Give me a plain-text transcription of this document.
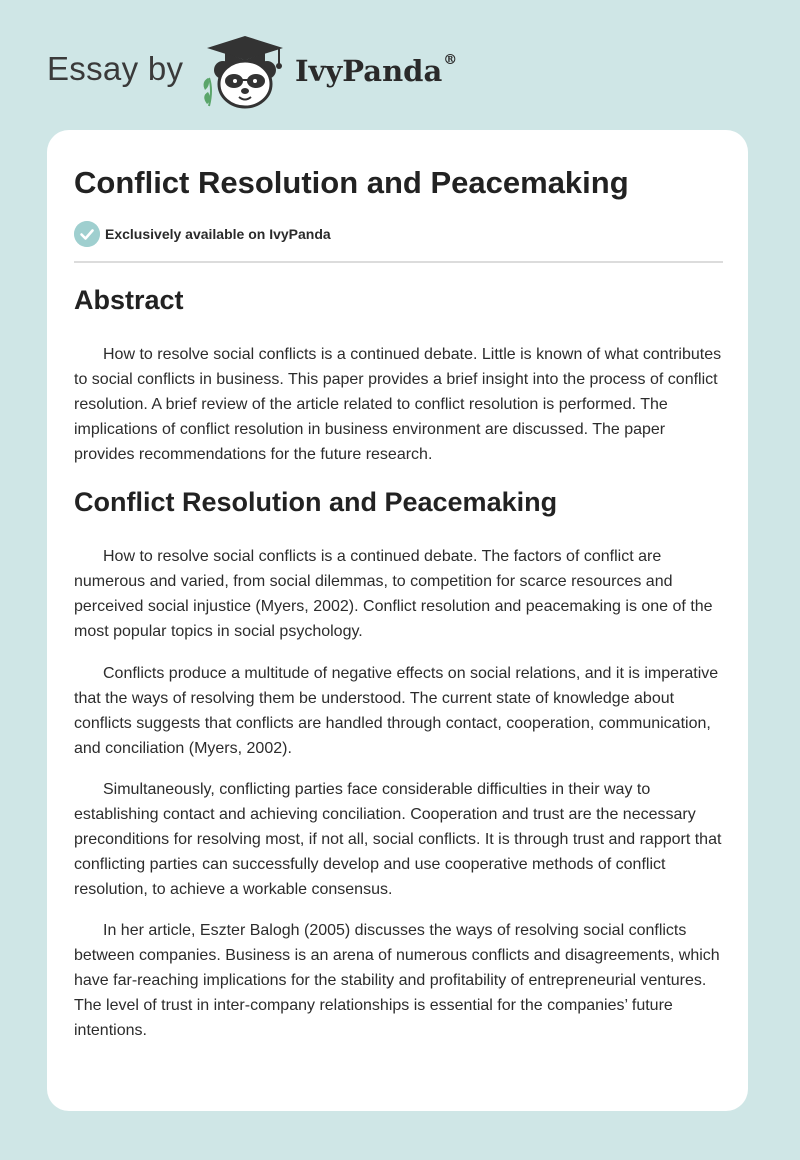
Essay by	IvyPanda®
Conflict Resolution and Peacemaking
Exclusively available on IvyPanda
Abstract

How to resolve social conflicts is a continued debate. Little is known of what contributes to social conflicts in business. This paper provides a brief insight into the process of conflict resolution. A brief review of the article related to conflict resolution is performed. The implications of conflict resolution in business environment are discussed. The paper provides recommendations for the future research.

Conflict Resolution and Peacemaking

How to resolve social conflicts is a continued debate. The factors of conflict are numerous and varied, from social dilemmas, to competition for scarce resources and perceived social injustice (Myers, 2002). Conflict resolution and peacemaking is one of the most popular topics in social psychology.

Conflicts produce a multitude of negative effects on social relations, and it is imperative that the ways of resolving them be understood. The current state of knowledge about conflicts suggests that conflicts are handled through contact, cooperation, communication, and conciliation (Myers, 2002).

Simultaneously, conflicting parties face considerable difficulties in their way to establishing contact and achieving conciliation. Cooperation and trust are the necessary preconditions for resolving most, if not all, social conflicts. It is through trust and rapport that conflicting parties can successfully develop and use cooperative methods of conflict resolution, to achieve a workable consensus.

In her article, Eszter Balogh (2005) discusses the ways of resolving social conflicts between companies. Business is an arena of numerous conflicts and disagreements, which have far-reaching implications for the stability and profitability of entrepreneurial ventures. The level of trust in inter-company relationships is essential for the companies’ future intentions.
